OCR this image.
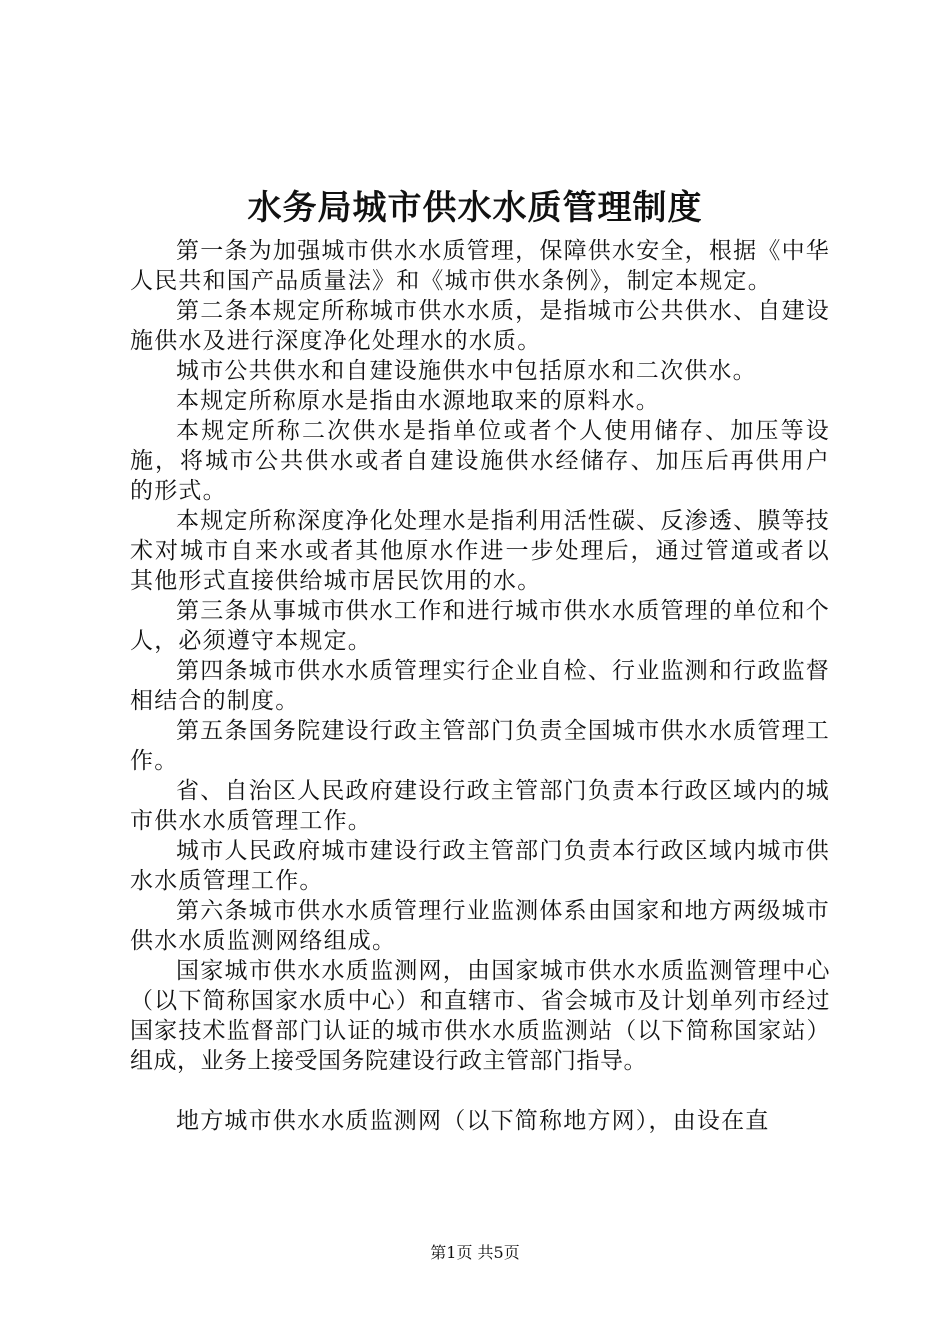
水务局城市供水水质管理制度

第一条为加强城市供水水质管理，保障供水安全，根据《中华人民共和国产品质量法》和《城市供水条例》，制定本规定。

第二条本规定所称城市供水水质，是指城市公共供水、自建设施供水及进行深度净化处理水的水质。

城市公共供水和自建设施供水中包括原水和二次供水。

本规定所称原水是指由水源地取来的原料水。

本规定所称二次供水是指单位或者个人使用储存、加压等设施，将城市公共供水或者自建设施供水经储存、加压后再供用户的形式。

本规定所称深度净化处理水是指利用活性碳、反渗透、膜等技术对城市自来水或者其他原水作进一步处理后，通过管道或者以其他形式直接供给城市居民饮用的水。

第三条从事城市供水工作和进行城市供水水质管理的单位和个人，必须遵守本规定。

第四条城市供水水质管理实行企业自检、行业监测和行政监督相结合的制度。

第五条国务院建设行政主管部门负责全国城市供水水质管理工作。

省、自治区人民政府建设行政主管部门负责本行政区域内的城市供水水质管理工作。

城市人民政府城市建设行政主管部门负责本行政区域内城市供水水质管理工作。

第六条城市供水水质管理行业监测体系由国家和地方两级城市供水水质监测网络组成。

国家城市供水水质监测网，由国家城市供水水质监测管理中心（以下简称国家水质中心）和直辖市、省会城市及计划单列市经过国家技术监督部门认证的城市供水水质监测站（以下简称国家站）组成，业务上接受国务院建设行政主管部门指导。

地方城市供水水质监测网（以下简称地方网），由设在直

第1页 共5页
